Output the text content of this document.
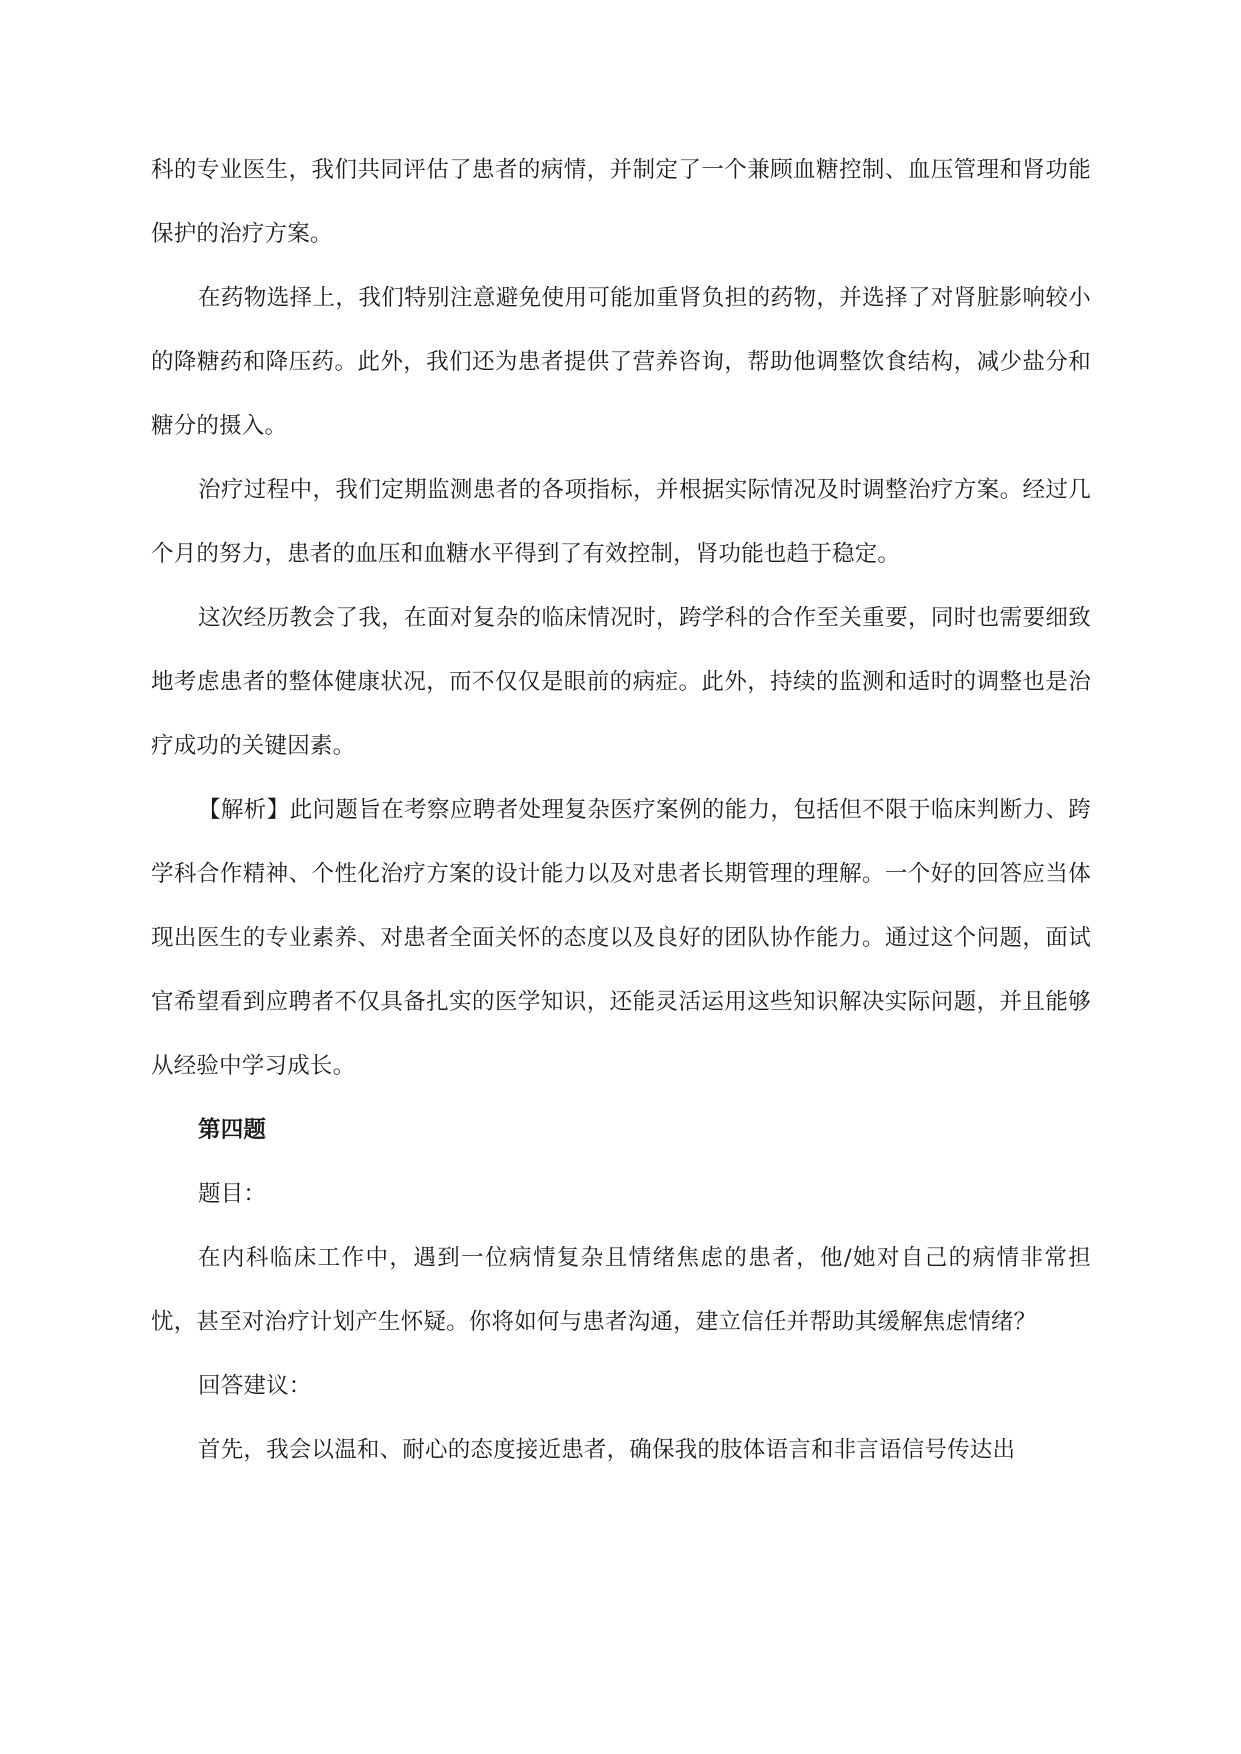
科的专业医生，我们共同评估了患者的病情，并制定了一个兼顾血糖控制、血压管理和肾功能保护的治疗方案。

在药物选择上，我们特别注意避免使用可能加重肾负担的药物，并选择了对肾脏影响较小的降糖药和降压药。此外，我们还为患者提供了营养咨询，帮助他调整饮食结构，减少盐分和糖分的摄入。

治疗过程中，我们定期监测患者的各项指标，并根据实际情况及时调整治疗方案。经过几个月的努力，患者的血压和血糖水平得到了有效控制，肾功能也趋于稳定。

这次经历教会了我，在面对复杂的临床情况时，跨学科的合作至关重要，同时也需要细致地考虑患者的整体健康状况，而不仅仅是眼前的病症。此外，持续的监测和适时的调整也是治疗成功的关键因素。

【解析】此问题旨在考察应聘者处理复杂医疗案例的能力，包括但不限于临床判断力、跨学科合作精神、个性化治疗方案的设计能力以及对患者长期管理的理解。一个好的回答应当体现出医生的专业素养、对患者全面关怀的态度以及良好的团队协作能力。通过这个问题，面试官希望看到应聘者不仅具备扎实的医学知识，还能灵活运用这些知识解决实际问题，并且能够从经验中学习成长。

第四题

题目：

在内科临床工作中，遇到一位病情复杂且情绪焦虑的患者，他/她对自己的病情非常担忧，甚至对治疗计划产生怀疑。你将如何与患者沟通，建立信任并帮助其缓解焦虑情绪？

回答建议：

首先，我会以温和、耐心的态度接近患者，确保我的肢体语言和非言语信号传达出
